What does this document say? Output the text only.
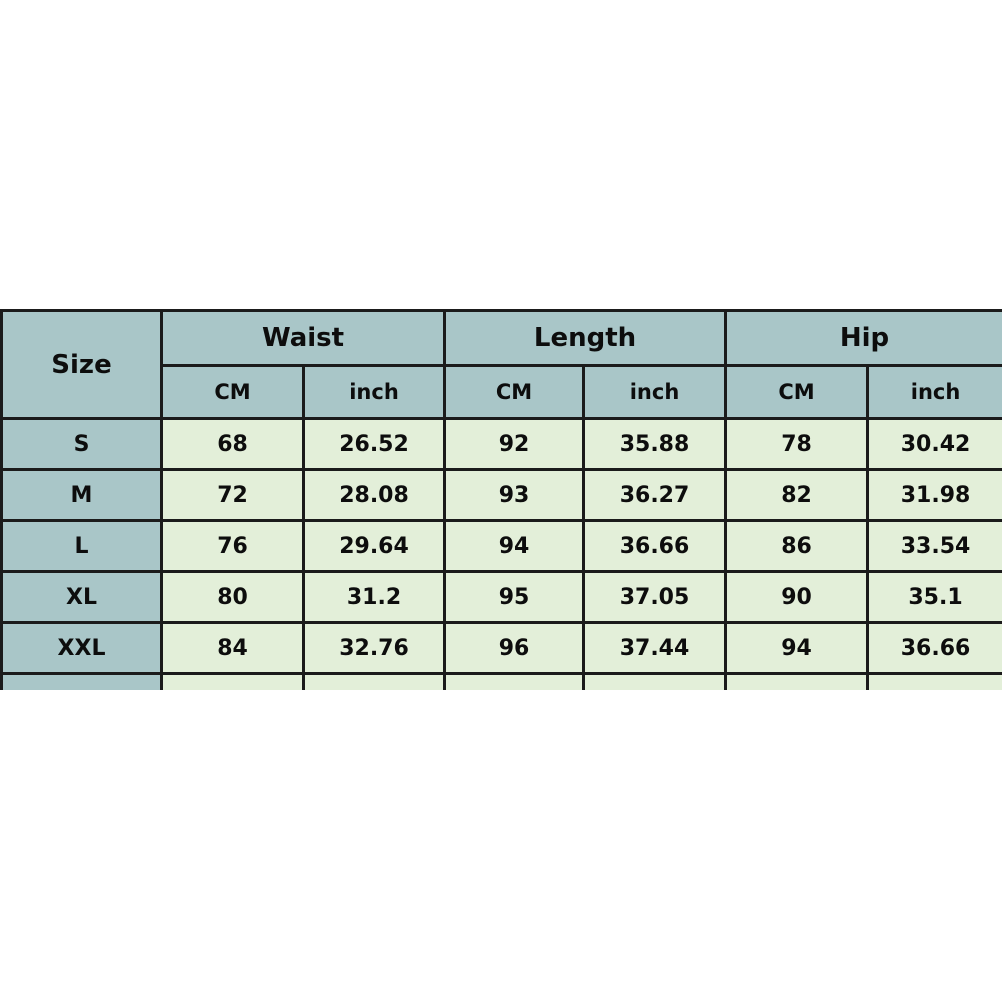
Size	Waist		Length		Hip	
	CM	inch	CM	inch	CM	inch
S	68	26.52	92	35.88	78	30.42
M	72	28.08	93	36.27	82	31.98
L	76	29.64	94	36.66	86	33.54
XL	80	31.2	95	37.05	90	35.1
XXL	84	32.76	96	37.44	94	36.66
